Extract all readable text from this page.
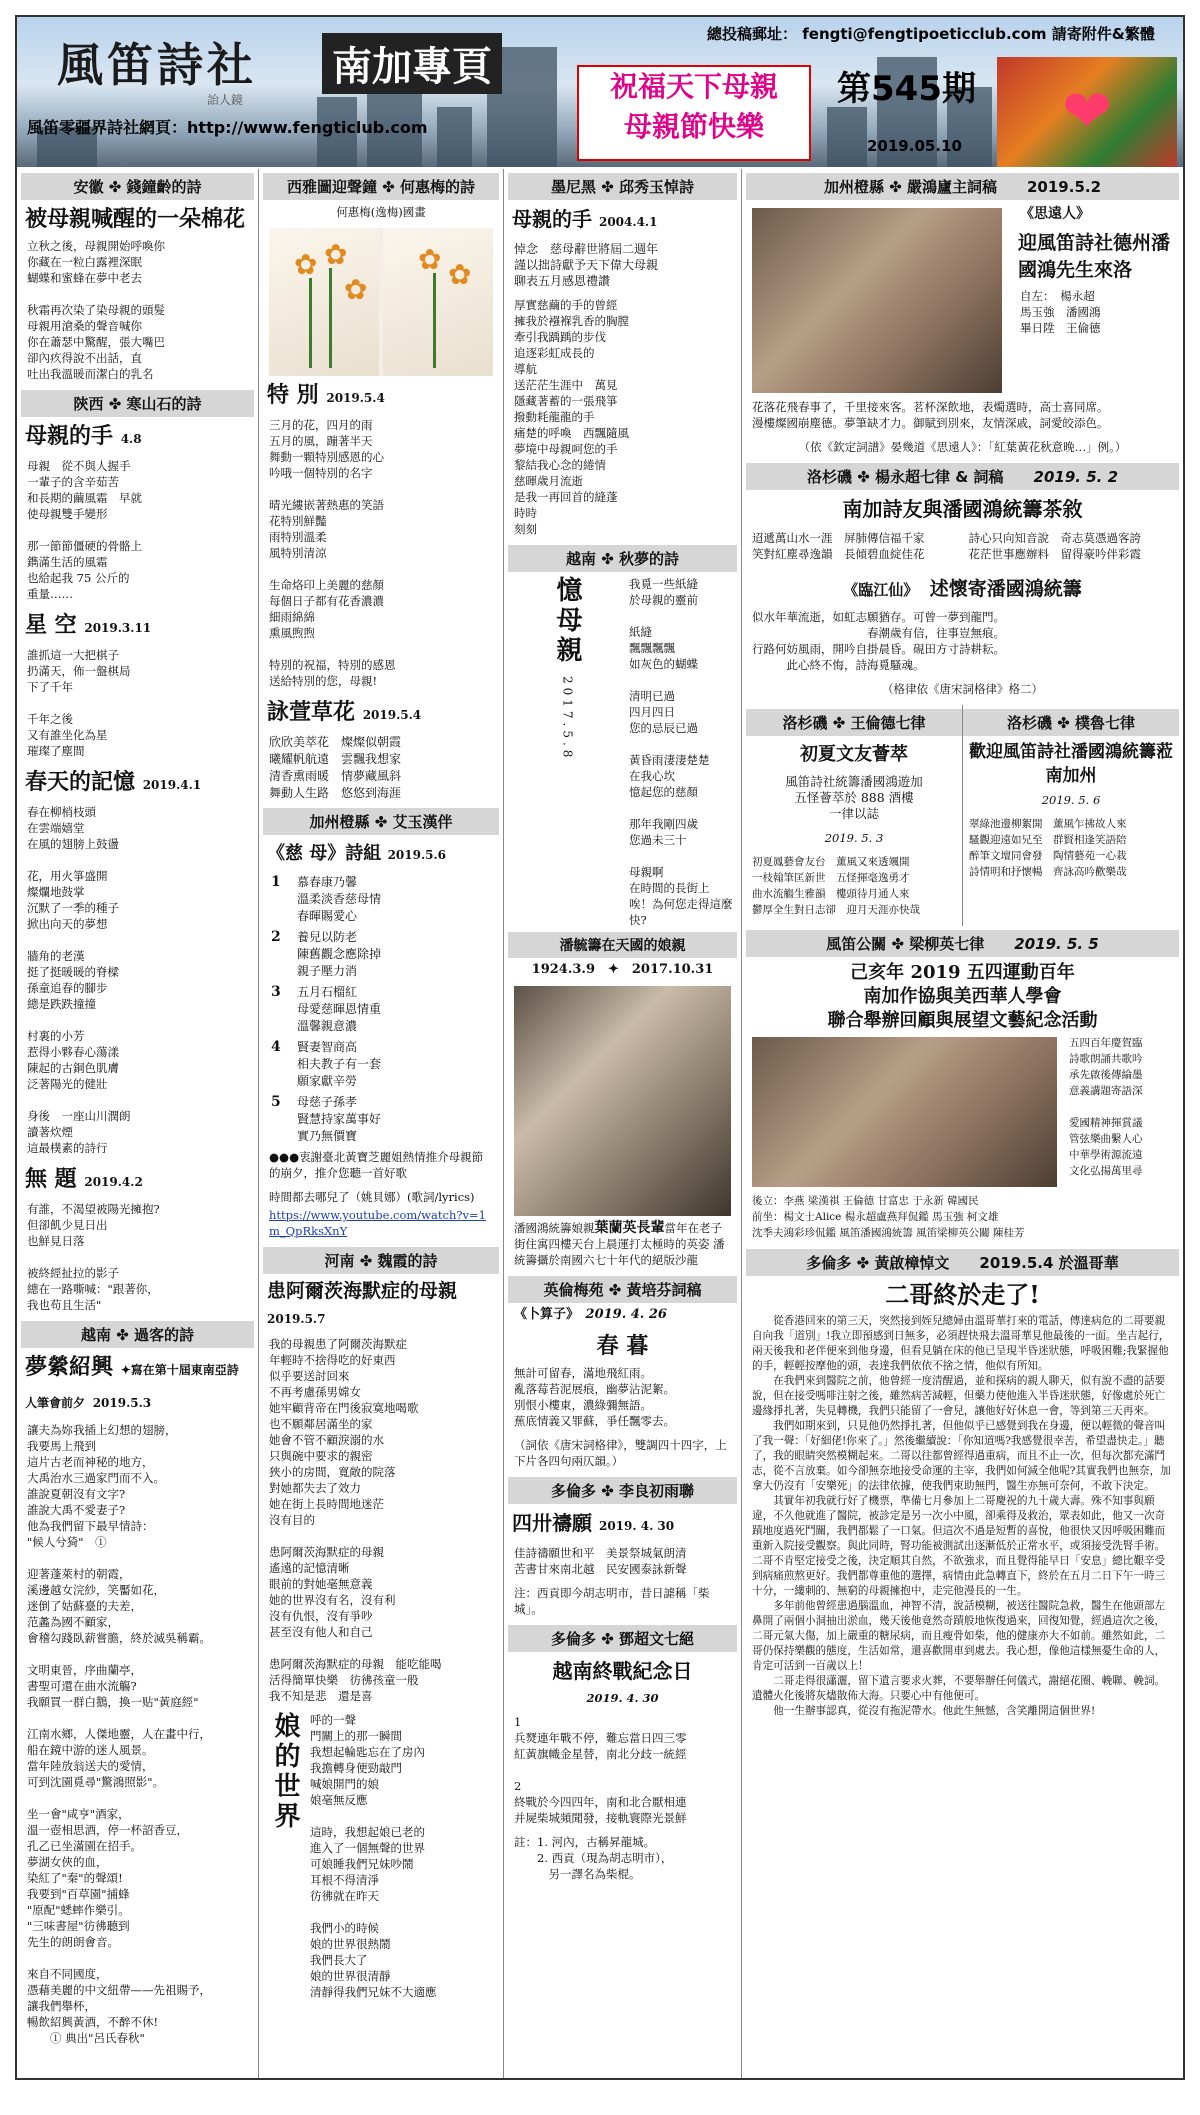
風笛詩社
詒人鏡
南加專頁
風笛零疆界詩社網頁：http://www.fengticlub.com
總投稿郵址： fengti@fengtipoeticclub.com 請寄附件&繁體
祝福天下母親
母親節快樂
第545期
2019.05.10 ❤
安徽 ✤ 錢鐘齡的詩
被母親喊醒的一朵棉花
立秋之後，母親開始呼喚你
你藏在一粒白露裡深眠
蝴蝶和蜜蜂在夢中老去

秋霜再次染了染母親的頭髮
母親用滄桑的聲音喊你
你在蕭瑟中驚醒，張大嘴巴
卻內疚得說不出話，直
吐出我溫暖而潔白的乳名
陝西 ✤ 寒山石的詩
母親的手 4.8
母親　從不與人握手
一輩子的含辛茹苦
和長期的繭風霜　早就
使母親雙手變形

那一節節僵硬的骨骼上
鐫滿生活的風霜
也給起我 75 公斤的
重量……
星 空 2019.3.11
誰抓這一大把棋子
扔滿天，佈一盤棋局
下了千年

千年之後
又有誰坐化為星
璀璨了塵間
春天的記憶 2019.4.1
春在柳梢枝頭
在雲端嬉堂
在風的翅膀上鼓盪

花，用火箏盛開
燦爛地鼓掌
沉默了一季的種子
掀出向天的夢想

牆角的老漢
挺了挺暖暖的脊樑
孫童追春的腳步
總是跌跌撞撞

村裏的小芳
惹得小夥春心蕩漾
陳起的古銅色肌膚
泛著陽光的健壯

身後　一座山川潤朗
讀著炊煙
這最樸素的詩行
無 題 2019.4.2
有誰，不渴望被陽光擁抱?
但卻飢少見日出
也鮮見日落

被終經扯拉的影子
總在一路嘶喊："跟著你，
我也苟且生活"
越南 ✤ 過客的詩
夢縈紹興 ✦寫在第十屆東南亞詩人筆會前夕 2019.5.3
讓夫為妳我插上幻想的翅膀，
我要馬上飛到
這片古老而神秘的地方，
大禹治水三過家門而不入。
誰說夏朝沒有文字?
誰說大禹不愛妻子?
他為我們留下最早情詩：
"候人兮猗"　①

迎著蓬萊村的朝霞，
溪邊越女浣紗，笑靨如花，
迷倒了姑蘇臺的夫差，
范蠡為國不顧家，
會稽勾踐臥薪嘗膽，終於滅吳稱霸。

文明東晉，序曲蘭亭，
書聖可還在曲水流觴?
我願買一群白鵝，換一贴"黃庭經"

江南水鄉，人傑地靈，人在畫中行，
船在鏡中游的迷人風景。
當年陸放翁送夫的愛情，
可到沈園覓尋"驚鴻照影"。

坐一會"咸亨"酒家，
溫一壺相思酒，停一杯詔香豆，
孔乙已坐滿園在招手。
夢湖女俠的血，
染紅了"秦"的聲頌!
我要到"百草園"捕蜂
"原配"蟋蟀作樂引。
"三味書屋"彷彿聽到
先生的朗朗會音。

來自不同國度，
憑藉美麗的中文紐帶——先祖賜予，
讓我們舉杯，
暢飲紹興黃酒，不醉不休!
　　① 典出"呂氏春秋"
西雅圖迎聲鐘 ✤ 何惠梅的詩
何惠梅(逸梅)國畫
✿ ✿
✿
✿ ✿
特 別 2019.5.4
三月的花，四月的雨
五月的風，蹦著半天
舞動一顆特別感恩的心
吟哦一個特別的名字

晴光縷嵌著熱惠的笑語
花特別鮮豔
雨特別溫柔
風特別清涼

生命烙印上美麗的慈顏
每個日子都有花香濃濃
細雨綿綿
熏風煦煦

特別的祝福，特別的感恩
送給特別的您，母親!
詠萱草花 2019.5.4
欣欣美萃花　燦燦似朝霞
曦耀帆航遠　雲飄我想家
清香熏雨暖　情夢藏風斜
舞動人生路　悠悠到海涯
加州橙縣 ✤ 艾玉漢伴
《慈 母》詩組 2019.5.6
1	慕春康乃馨
溫柔淡香慈母情
春暉賜愛心
2	養兒以防老
陳舊觀念應除掉
親子壓力消
3	五月石榴紅
母愛慈暉恩情重
溫馨親意濃
4	賢妻智商高
相夫教子有一套
願家獻辛勞
5	母慈子孫孝
賢慧持家萬事好
實乃無價寶
●●●衷謝臺北黃寶芝麗姐熱情推介母親節的崩夕，推介您聽一首好歌
時間都去哪兒了（姚貝娜）(歌詞/lyrics)
https://www.youtube.com/watch?v=1m_QpRksXnY
河南 ✤ 魏霞的詩
患阿爾茨海默症的母親 2019.5.7
我的母親患了阿爾茨海默症
年輕時不捨得吃的好東西
似乎要送討回來
不再考慮孫男嫦女
她牢顧背帝在門後寂寞地喝歌
也不願鄰居滿坐的家
她會不管不顧淚溺的水
只與碗中要求的親密
狹小的房間，寬敞的院落
對她都失去了效力
她在街上長時間地迷茫
沒有目的

患阿爾茨海默症的母親
遙遠的記憶清晰
眼前的對她毫無意義
她的世界沒有名，沒有利
沒有仇恨，沒有爭吵
甚至沒有他人和自己

患阿爾茨海默症的母親　能吃能喝
活得簡單快樂　彷彿孩童一般
我不知是悲　還是喜
娘的世界 呼的一聲
門關上的那一瞬間
我想起輪匙忘在了房內
我擔轉身便勁敲門
喊娘開門的娘
娘毫無反應

這時，我想起娘已老的
進入了一個無聲的世界
可娘睡我們兄妹吵鬧
耳根不得清淨
彷彿就在昨天

我們小的時候
娘的世界很熱鬧
我們長大了
娘的世界很清靜
清靜得我們兄妹不大適應
墨尼黑 ✤ 邱秀玉悼詩
母親的手 2004.4.1
悼念　慈母辭世將屆二週年
謹以拙詩獻予天下偉大母親
聊表五月感恩禮讚
厚實慈繭的手的曾經
擁我於襁褓乳香的胸膛
牽引我踽踽的步伐
追逐彩虹成長的
導航
送茫茫生涯中　萬見
隱藏著蓄的一張飛箏
撥動耗龍龍的手
痛楚的呼喚　西飄隨風
夢境中母親呵您的手
黎結我心念的綣情
慈暉歲月流逝
是我一再回首的縫蓬
時時
刻刻
越南 ✤ 秋夢的詩
憶母親
2017.5.8
我覓一些紙縫
於母親的靈前

紙縫
飄飄飄飄
如灰色的蝴蝶

清明已過
四月四日
您的忌辰已過

黃昏雨淒淒楚楚
在我心坎
憶起您的慈顏

那年我剛四歲
您過未三十

母親啊
在時間的長街上
唉！為何您走得這麼快?
潘毓籌在天國的娘親
1924.3.9　✦　2017.10.31
潘國鴻統籌娘親葉蘭英長輩當年在老子街住寓四樓天台上晨運打太極時的英姿 潘統籌攝於南國六七十年代的絕版沙龍
英倫梅苑 ✤ 黃培芬詞稿
《卜算子》　 2019. 4. 26
春 暮
無計可留春，滿地飛紅雨。
亂落莓苔泥展痕，幽夢沾泥絮。
別恨小樓東，濃綠彌無語。
蕉底情義又罪蘇，爭任飄零去。
（詞依《唐宋詞格律》，雙調四十四字，上下片各四句兩仄韻。）
多倫多 ✤ 李良初雨聯
四卅禱願 2019. 4. 30
佳詩禱願世和平　美景祭城氣朗清
苦書甘來南北越　民安國泰詠新聲
注：西貢即今胡志明市，昔日謔稱「柴城」。
多倫多 ✤ 鄧超文七絕
越南終戰紀念日
2019. 4. 30
1
兵燹連年戰不停，難忘當日四三零
紅黃旗幟金星替，南北分歧一統經

2
終戰於今四四年，南和北合厭相連
并屍柴城頻聞發，接軌寰際光景鮮
註：1. 河內，古稱昇龍城。
　　2. 西貢（現為胡志明市），
　　　另一譯名為柴棍。
加州橙縣 ✤ 嚴鴻廬主詞稿　　 2019.5.2
《思遠人》
迎風笛詩社德州潘國鴻先生來洛
自左：　楊永超
馬玉強　潘國鴻
畢日陞　王倫德
花落花飛春事了，千里接來客。茗杯深飲地，表燭選時，高士喜同席。
漫樓燦國崩塵德。夢筆缺才力。御賦到別來，友情深戚，詞愛皎添色。
（依《欽定詞譜》晏幾道《思遠人》：「紅葉黃花秋意晚…」例。）
洛杉磯 ✤ 楊永超七律 & 詞稿　　 2019. 5. 2
南加詩友與潘國鴻統籌茶敘
迢遞萬山水一涯　屏肺傳信福千家
笑對紅塵尋逸韻　長傾碧血綻佳花
詩心只向知音說　奇志莫憑過客誇
花茫世事應辦料　留得豪吟伴彩霞
《臨江仙》　 述懷寄潘國鴻統籌
似水年華流逝，如虹志願猶存。可曾一夢到龍門。
　　　　　　　　　　春潮歲有信，往事豈無痕。
行路何妨風雨，開吟自掛晨昏。硯田方寸詩耕耘。
　　　此心終不悔，詩海覓騷魂。
（格律依《唐宋詞格律》格二）
洛杉磯 ✤ 王倫德七律
初夏文友薈萃
風笛詩社統籌潘國鴻遊加
五怪薈萃於 888 酒樓
一律以誌
2019. 5. 3
初夏鳳藝會友台　薰風又來透颯開
一枝翰筆匡新世　五怪揮毫逸勇才
曲水流觴生雅韻　樓頭待月通人來
鬱厚全生對日志卻　迎月天涯亦快哉
洛杉磯 ✤ 樸魯七律
歡迎風笛詩社潘國鴻統籌蒞南加州
2019. 5. 6
翠綠池邊柳絮開　薰風乍拂故人來
騷觀迎遠如兄至　群賢相逢笑語陪
醉筆文壇同會發　陶情藝苑一心栽
詩情明和抒懷暢　齊詠高吟歡樂哉
風笛公關 ✤ 梁柳英七律　　 2019. 5. 5
己亥年 2019 五四運動百年
南加作協與美西華人學會
聯合舉辦回顧與展望文藝紀念活動
五四百年慶賀臨
詩歌朗誦共歌吟
承先啟後傳綸墨
意義講題寄語深

愛國精神揮賞議
管弦樂曲繫人心
中華學術源流遠
文化弘揚萬里尋
後立：李燕 梁漢祺 王倫德 甘富忠 于永新 韓國民
前坐：楊文士Alice 楊永超盧燕拜侃鑑 馬玉強 柯文雄
沈季夫鴻彩珍侃鑑 風笛潘國鴻統籌 風笛梁柳英公關 陳桂芳
多倫多 ✤ 黃啟樟悼文　　 2019.5.4 於溫哥華
二哥終於走了!
　　從香港回來的第三天，突然接到姪兒總婦由溫哥華打來的電話，傳達病危的二哥要親自向我「道別」!我立即預感到日無多，必須趕快飛去溫哥華見他最後的一面。坐吉起行，兩天後我和老伴便來到他身邊，但看見躺在床的他已呈現半昏迷狀態，呼吸困難;我緊握他的手，輕輕按摩他的頭，表達我們依依不捨之情，他似有所知。
　　在我們來到醫院之前，他曾經一度清醒過，並和探病的親人聊天，似有說不盡的話要說，但在接受嗎啡注射之後，雖然病苦減輕，但藥力使他進入半昏迷狀態，好像處於死亡邊緣掙扎著，失見轉機，我們只能留了一會兒，讓他好好休息一會，等到第三天再來。
　　我們如期來到，只見他仍然掙扎著，但他似乎已感覺到我在身邊，便以輕微的聲音叫了我一聲：「好細佬!你來了。」然後繼續說：「你知道嗎?我感覺很幸苦，希望盡快走。」聽了，我的眼睛突然模糊起來。二哥以往都曾經得過重病，而且不止一次，但每次都充滿鬥志，從不言放棄。如今卻無奈地接受命運的主宰，我們如何減全他呢?其實我們也無奈，加拿大仍沒有「安樂死」的法律依據，使我們束助無門，醫生亦無可奈何，不敢下決定。
　　其實年初我就行好了機票，準備七月參加上二哥慶祝的九十歲大壽。殊不知事與願違，不久他就進了醫院，被診定是另一次小中風，卻乘得及救治，眾表如此，他又一次奇蹟地度過死鬥關，我們都鬆了一口氣。但這次不過是短暫的喜悅，他很快又因呼吸困難而重新入院接受觀察。與此同時，腎功能被測試出逐漸低於正常水平，或須接受洗腎手術。二哥不肯堅定接受之後，決定順其自然，不欲強求，而且覺得能早日「安息」總比艱辛受到病痛煎熬更好。我們都尊重他的選擇，病情由此急轉直下，終於在五月二日下午一時三十分，一縷刺的、無窮的母親擁抱中，走完他漫長的一生。
　　多年前他曾經患過腦溫血，神智不清，說話模糊，被送往醫院急救，醫生在他頭部左鼻開了兩個小洞抽出淤血，幾天後他竟然奇蹟般地恢復過來，回復知覺，經過這次之後，二哥元氣大傷，加上嚴重的糖尿病，而且瘦骨如柴，他的健康亦大不如前。雖然如此，二哥仍保持樂觀的態度，生活如常，還喜歡開車到處去。我心想，像他這樣無憂生命的人，肯定可活到一百歲以上！
　　二哥走得很瀟灑，留下遺言要求火葬，不要舉辦任何儀式，謝絕花圈、輓聯、輓詞。遺體火化後將灰燼散佈大海。只要心中有他便可。
　　他一生辦事認真，從沒有拖泥帶水。他此生無憾，含笑離開這個世界!
